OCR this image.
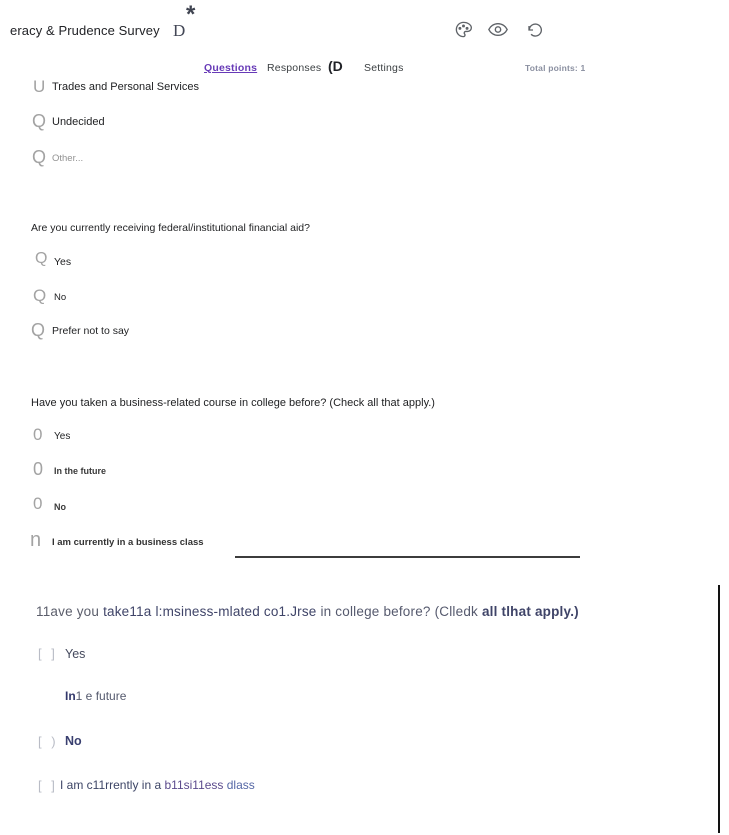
eracy & Prudence Survey D
*
Questions Responses (D Settings	Total points: 1
U Trades and Personal Services
Q Undecided
Q Other...
Are you currently receiving federal/institutional financial aid?
Q Yes
Q No
Q Prefer not to say
Have you taken a business-related course in college before? (Check all that apply.)
0 Yes
0 In the future
0 No
n I am currently in a business class
11ave you take11a l:msiness-mlated co1.Jrse in college before? (Clledk all tlhat apply.)
[ ] Yes
In1 e future
[ ) No
[ ] I am c11rrently in a b11si11ess dlass
